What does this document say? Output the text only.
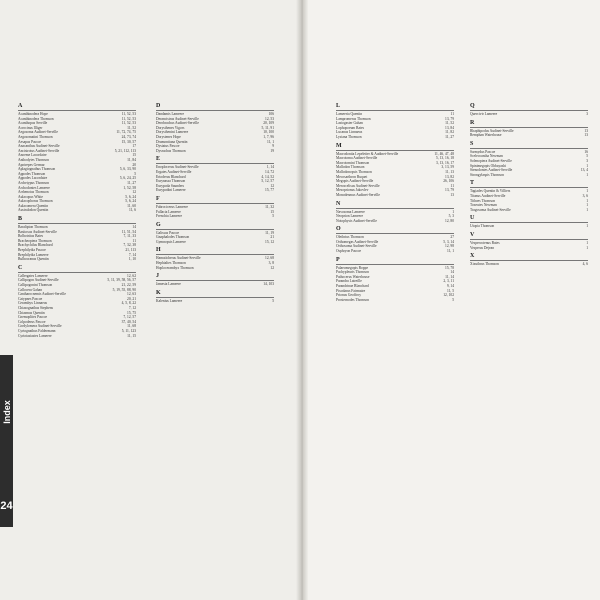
Index
24
A
11, 52, 53
Acanthinodera Hope
11, 52, 53
Acanthinodera Thomson
11, 52, 53
Acanthopus Serville
11, 52
Acrocinus Illiger
11, 72, 74, 75
Aegosoma Audinet-Serville
24, 73, 74
Aegosomatini Thomson
15, 30, 57
Aesapus Pascoe
17
Anacanthus Audinet-Serville
5, 21, 112, 113
Ancistrotus Audinet-Serville
15
Anoeme Lacordaire
11, 84
Anthodytes Thomson
20
Apotrepes Germar
5, 6, 33, 90
Aplagiognathus Thomson
5
Appodes Thomson
5, 6, 24, 25
Appodes Lacordaire
11, 27
Archetypus Thomson
1, 52, 58
Archodontes Lameere
12
Arrhenotus Thomson
5, 6, 24
Aulacopus White
5, 6, 24
Aulacophorus Thomson
11, 60
Aulacomera Quentin
11, 6
Australodon Quentin
B
14
Baralipton Thomson
11, 51, 54
Basitoxus Audinet-Serville
7, 11, 33
Bolbotritus Bates
11
Bracheoptera Thomson
7, 32, 38
Brachychilus Blanchard
21, 113
Brephilydia Pascoe
7, 14
Brephilydia Lameere
1, 10
Bulbocranus Quentin
C
12, 62
Callergates Lameere
5, 11, 39, 58, 56, 57
Callipogon Audinet-Serville
21, 22, 59
Callipogonini Thomson
5, 19, 55, 88, 90
Callocera Gahan
12, 63
Cantharocnemis Audinet-Serville
20, 21
Catypnes Pascoe
4, 5, 8, 22
Cerambyx Linnaeus
7, 12
Chiasognathus Stephens
15, 75
Chiasmus Quentin
7, 12, 57
Cnemoplites Pascoe
37, 40, 54
Colpoderus Pascoe
11, 68
Cordylomera Audinet-Serville
5, 11, 123
Cyrtognathus Faldermann
11, 15
Cyriotasiastes Lameere
D
106
Dandamis Lameere
12, 53
Derancistrus Audinet-Serville
20, 109
Derobrachus Audinet-Serville
5, 11, 91
Dorysthenes Vigors
10, 100
Dorysthenini Lameere
1, 7, 96
Dorystenes Hope
11, 1
Drumontiana Quentin
9
Dysiatus Pascoe
19
Dysrachus Thomson
E
1, 14
Enoplocerus Audinet-Serville
14, 72
Ergates Audinet-Serville
4, 14, 52
Erioderus Blanchard
5, 12, 57
Eurynassa Thomson
12
Eurypoda Saunders
15, 77
Eurypodini Lameere
F
11, 32
Fabrocicerus Lameere
15
Fallacia Lameere
5
Frenchia Lameere
G
11, 19
Galissus Pascoe
21
Gnaphalodes Thomson
15, 12
Gymnopsis Lameere
H
12, 68
Hamaticherus Audinet-Serville
3, 8
Hephialtes Thomson
12
Hoplocerambyx Thomson
J
14, 103
Jamesia Lameere
K
5
Kalenius Lameere
L
11
Lameeria Quentin
13, 79
Lampromerus Thomson
11, 52
Lasiogaster Gahan
13, 84
Lophopoeum Bates
11, 82
Lucanus Linnaeus
11, 27
Lysiana Thomson
M
11, 46, 47, 48
Macrodontia Lepeletier & Audinet-Serville
5, 13, 16, 18
Macrotoma Audinet-Serville
3, 13, 16, 17
Macrotomini Thomson
3, 13, 59
Mallodon Thomson
11, 13
Mallodonopsis Thomson
13, 82
Mecosarthron Buquet
26, 106
Megopis Audinet-Serville
11
Meroscelisus Audinet-Serville
13, 79
Mesoprionus Jakovlev
13
Monodesmus Audinet-Serville
N
1
Navosoma Lameere
5, 3
Neoprion Lameere
12, 80
Notophysis Audinet-Serville
O
27
Olethrius Thomson
5, 3, 14
Orthomegas Audinet-Serville
12, 98
Orthosoma Audinet-Serville
11, 1
Osphryon Pascoe
P
15, 78
Palaeomegopis Boppe
14
Pachypleuris Thomson
11, 14
Pathocerus Waterhouse
2, 3, 11
Parandra Latreille
9, 14
Parandrinae Blanchard
11, 5
Pixodarus Fairmaire
12, 102
Prionus Geoffroy
5
Prosternodes Thomson
Q
3
Quercivir Lameere
R
13
Rhaphipodus Audinet-Serville
13
Remphan Waterhouse
S
16
Sarmydus Pascoe
5
Sceleocantha Newman
3
Solenoptera Audinet-Serville
1
Spinimegopis Ohbayashi
13, 4
Stenodontes Audinet-Serville
1
Strongylaspis Thomson
T
1
Tagiades Quentin & Villiers
3, 6
Titanus Audinet-Serville
1
Tithoes Thomson
1
Toxeutes Newman
1
Tragosoma Audinet-Serville
U
1
Utopia Thomson
V
1
Vesperoctenus Bates
1
Vesperus Dejean
X
4, 6
Xixuthrus Thomson
